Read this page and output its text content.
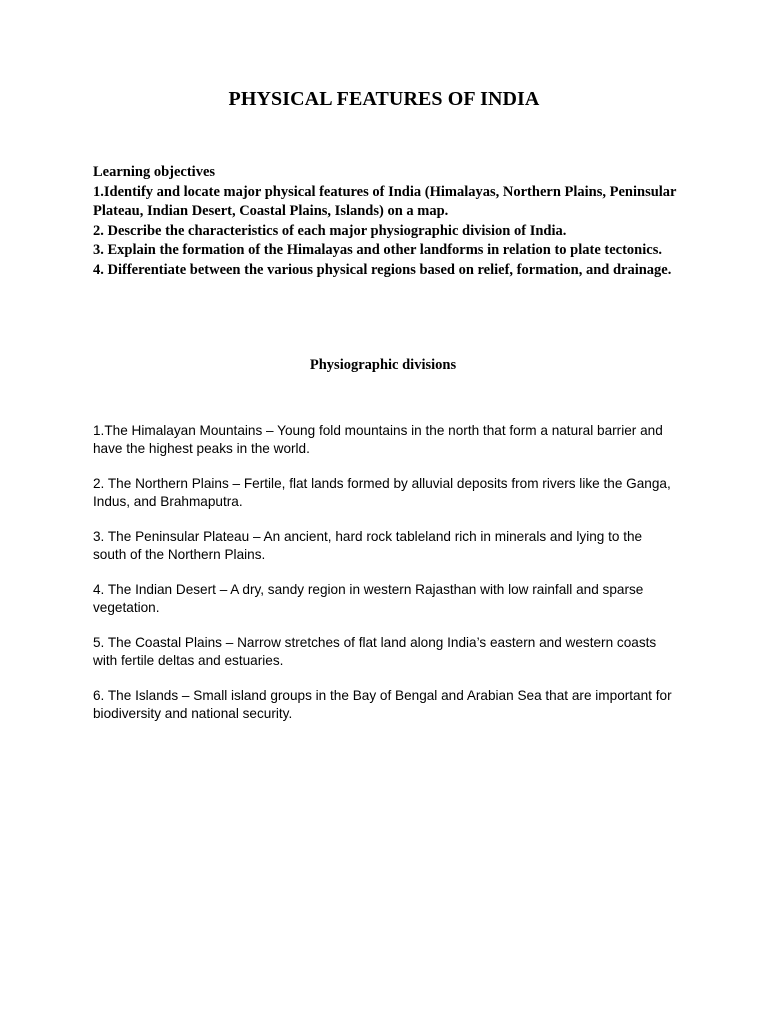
PHYSICAL FEATURES OF INDIA
Learning objectives
1.Identify and locate major physical features of India (Himalayas, Northern Plains, Peninsular Plateau, Indian Desert, Coastal Plains, Islands) on a map.
2. Describe the characteristics of each major physiographic division of India.
3. Explain the formation of the Himalayas and other landforms in relation to plate tectonics.
4. Differentiate between the various physical regions based on relief, formation, and drainage.
Physiographic divisions
1.The Himalayan Mountains – Young fold mountains in the north that form a natural barrier and have the highest peaks in the world.
2. The Northern Plains – Fertile, flat lands formed by alluvial deposits from rivers like the Ganga, Indus, and Brahmaputra.
3. The Peninsular Plateau – An ancient, hard rock tableland rich in minerals and lying to the south of the Northern Plains.
4. The Indian Desert – A dry, sandy region in western Rajasthan with low rainfall and sparse vegetation.
5. The Coastal Plains – Narrow stretches of flat land along India’s eastern and western coasts with fertile deltas and estuaries.
6. The Islands – Small island groups in the Bay of Bengal and Arabian Sea that are important for biodiversity and national security.
